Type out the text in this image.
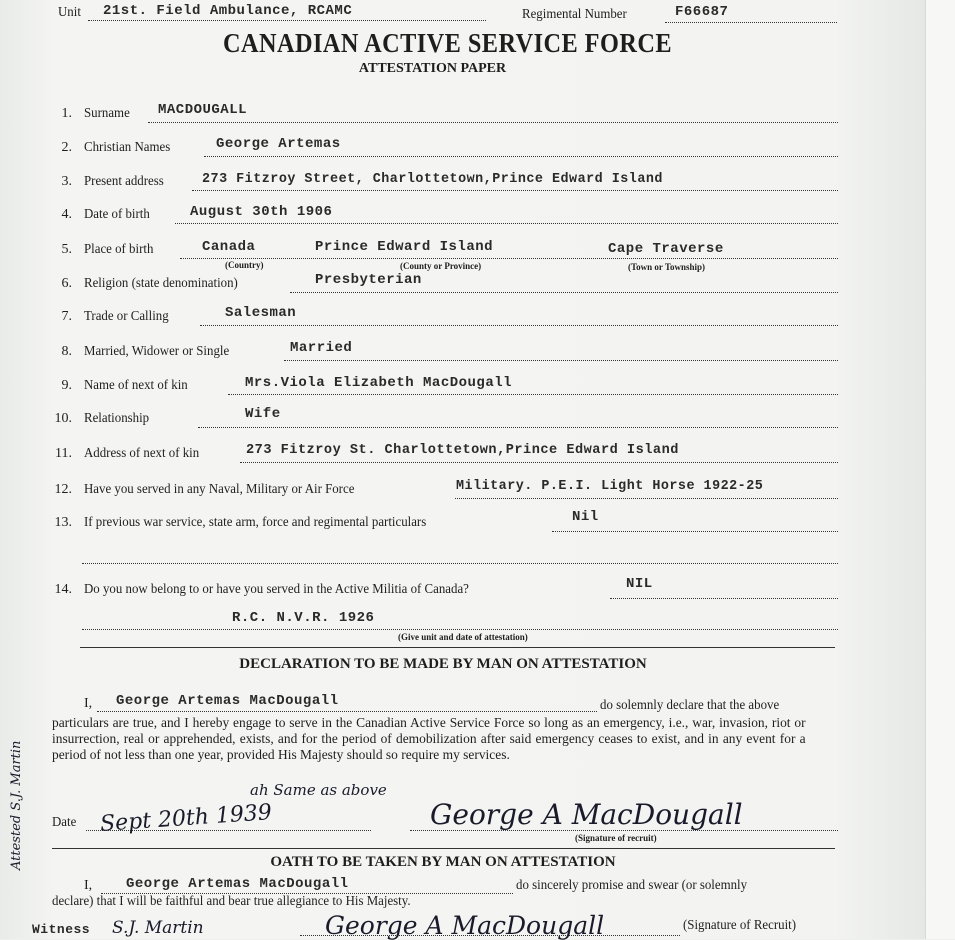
Unit 21st. Field Ambulance, RCAMC	Regimental Number	F66687
CANADIAN ACTIVE SERVICE FORCE
ATTESTATION PAPER
1. Surname MACDOUGALL
2. Christian Names	George Artemas
3. Present address	273 Fitzroy Street, Charlottetown,Prince Edward Island
4. Date of birth	August 30th 1906
5. Place of birth	Canada	Prince Edward Island	Cape Traverse
(Country)	(County or Province)	(Town or Township)
6. Religion (state denomination)	Presbyterian
7. Trade or Calling	Salesman
8. Married, Widower or Single	Married
9. Name of next of kin	Mrs.Viola Elizabeth MacDougall
10. Relationship	Wife
11. Address of next of kin	273 Fitzroy St. Charlottetown,Prince Edward Island
12. Have you served in any Naval, Military or Air Force	Military. P.E.I. Light Horse 1922-25
13. If previous war service, state arm, force and regimental particulars	Nil
14. Do you now belong to or have you served in the Active Militia of Canada?	NIL
R.C. N.V.R. 1926
(Give unit and date of attestation)
DECLARATION TO BE MADE BY MAN ON ATTESTATION
I, George Artemas MacDougall	do solemnly declare that the above
particulars are true, and I hereby engage to serve in the Canadian Active Service Force so long as an emergency, i.e., war, invasion, riot or insurrection, real or apprehended, exists, and for the period of demobilization after said emergency ceases to exist, and in any event for a period of not less than one year, provided His Majesty should so require my services.
ah Same as above
Date Sept 20th 1939	George A MacDougall
(Signature of recruit)
Attested S.J. Martin	OATH TO BE TAKEN BY MAN ON ATTESTATION
I, George Artemas MacDougall	do sincerely promise and swear (or solemnly
declare) that I will be faithful and bear true allegiance to His Majesty.
Witness S.J. Martin	George A MacDougall	(Signature of Recruit)
